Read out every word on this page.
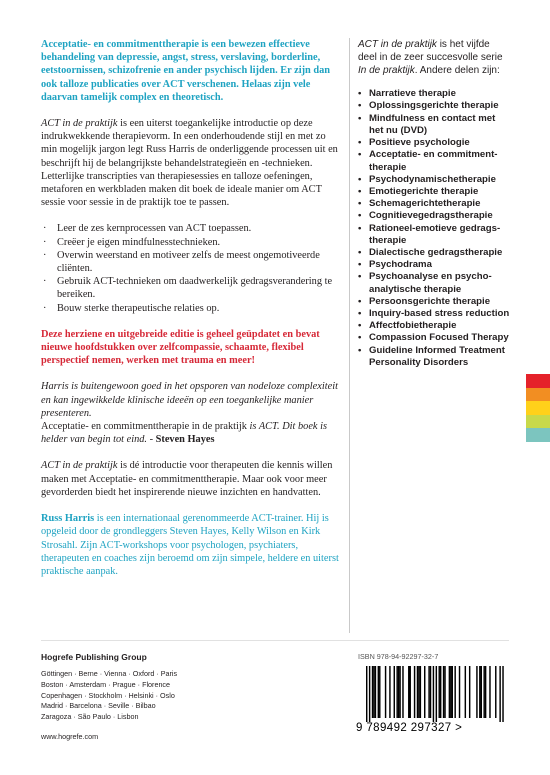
Acceptatie- en commitmenttherapie is een bewezen effectieve behandeling van depressie, angst, stress, verslaving, borderline, eetstoornissen, schizofrenie en ander psychisch lijden. Er zijn dan ook talloze publicaties over ACT verschenen. Helaas zijn vele daarvan tamelijk complex en theoretisch.

ACT in de praktijk is een uiterst toegankelijke introductie op deze indrukwekkende therapievorm. In een onderhoudende stijl en met zo min mogelijk jargon legt Russ Harris de onderliggende processen uit en beschrijft hij de belangrijkste behandelstrategieën en -technieken. Letterlijke transcripties van therapiesessies en talloze oefeningen, metaforen en werkbladen maken dit boek de ideale manier om ACT sessie voor sessie in de praktijk toe te passen.

· Leer de zes kernprocessen van ACT toepassen.
· Creëer je eigen mindfulnesstechnieken.
· Overwin weerstand en motiveer zelfs de meest ongemotiveerde cliënten.
· Gebruik ACT-technieken om daadwerkelijk gedragsverandering te bereiken.
· Bouw sterke therapeutische relaties op.

Deze herziene en uitgebreide editie is geheel geüpdatet en bevat nieuwe hoofdstukken over zelfcompassie, schaamte, flexibel perspectief nemen, werken met trauma en meer!

Harris is buitengewoon goed in het opsporen van nodeloze complexiteit en kan ingewikkelde klinische ideeën op een toegankelijke manier presenteren.
Acceptatie- en commitmenttherapie in de praktijk is ACT. Dit boek is helder van begin tot eind. - Steven Hayes

ACT in de praktijk is dé introductie voor therapeuten die kennis willen maken met Acceptatie- en commitmenttherapie. Maar ook voor meer gevorderden biedt het inspirerende nieuwe inzichten en handvatten.

Russ Harris is een internationaal gerenommeerde ACT-trainer. Hij is opgeleid door de grondleggers Steven Hayes, Kelly Wilson en Kirk Strosahl. Zijn ACT-workshops voor psychologen, psychiaters, therapeuten en coaches zijn beroemd om zijn simpele, heldere en uiterst praktische aanpak.

ACT in de praktijk is het vijfde deel in de zeer succesvolle serie In de praktijk. Andere delen zijn:

• Narratieve therapie
• Oplossingsgerichte therapie
• Mindfulness en contact met het nu (DVD)
• Positieve psychologie
• Acceptatie- en commitment-therapie
• Psychodynamischetherapie
• Emotiegerichte therapie
• Schemagerichtetherapie
• Cognitievegedragstherapie
• Rationeel-emotieve gedrags-therapie
• Dialectische gedragstherapie
• Psychodrama
• Psychoanalyse en psycho-analytische therapie
• Persoonsgerichte therapie
• Inquiry-based stress reduction
• Affectfobietherapie
• Compassion Focused Therapy
• Guideline Informed Treatment Personality Disorders

Hogrefe Publishing Group

Göttingen · Berne · Vienna · Oxford · Paris

Boston · Amsterdam · Prague · Florence

Copenhagen · Stockholm · Helsinki · Oslo

Madrid · Barcelona · Seville · Bilbao

Zaragoza · São Paulo · Lisbon

www.hogrefe.com

ISBN 978-94-92297-32-7
9 789492 297327 >
